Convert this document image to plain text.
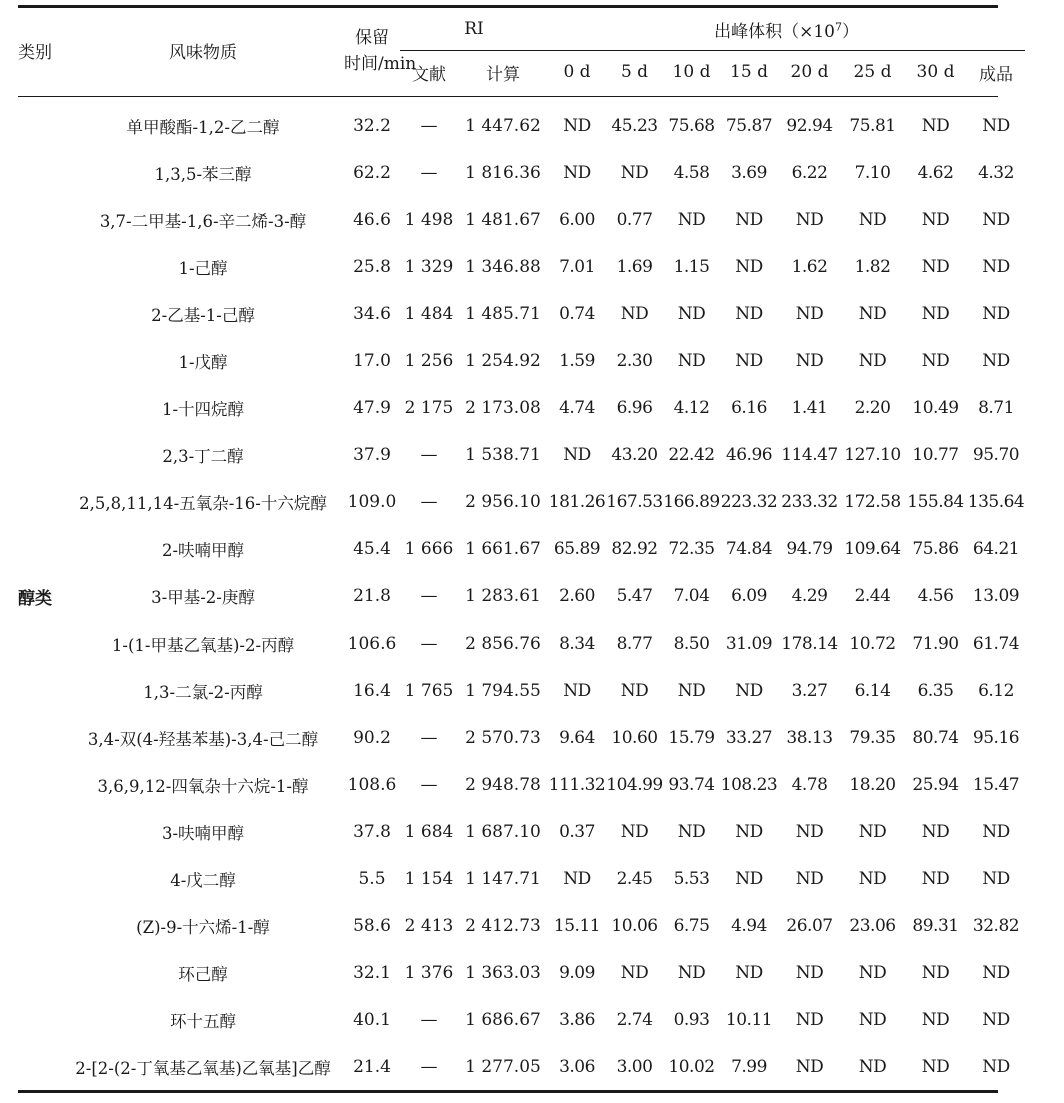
类别	风味物质	保留
时间/min	RI		出峰体积$(\times 10^7)$							
			文献	计算	0 d	5 d	10 d	15 d	20 d	25 d	30 d	成品
醇类	单甲酸酯-1,2-乙二醇	32.2	—	1 447.62	ND	45.23	75.68	75.87	92.94	75.81	ND	ND
	1,3,5-苯三醇	62.2	—	1 816.36	ND	ND	4.58	3.69	6.22	7.10	4.62	4.32
	3,7-二甲基-1,6-辛二烯-3-醇	46.6	1 498	1 481.67	6.00	0.77	ND	ND	ND	ND	ND	ND
	1-己醇	25.8	1 329	1 346.88	7.01	1.69	1.15	ND	1.62	1.82	ND	ND
	2-乙基-1-己醇	34.6	1 484	1 485.71	0.74	ND	ND	ND	ND	ND	ND	ND
	1-戊醇	17.0	1 256	1 254.92	1.59	2.30	ND	ND	ND	ND	ND	ND
	1-十四烷醇	47.9	2 175	2 173.08	4.74	6.96	4.12	6.16	1.41	2.20	10.49	8.71
	2,3-丁二醇	37.9	—	1 538.71	ND	43.20	22.42	46.96	114.47	127.10	10.77	95.70
	2,5,8,11,14-五氧杂-16-十六烷醇	109.0	—	2 956.10	181.26	167.53	166.89	223.32	233.32	172.58	155.84	135.64
	2-呋喃甲醇	45.4	1 666	1 661.67	65.89	82.92	72.35	74.84	94.79	109.64	75.86	64.21
	3-甲基-2-庚醇	21.8	—	1 283.61	2.60	5.47	7.04	6.09	4.29	2.44	4.56	13.09
	1-(1-甲基乙氧基)-2-丙醇	106.6	—	2 856.76	8.34	8.77	8.50	31.09	178.14	10.72	71.90	61.74
	1,3-二氯-2-丙醇	16.4	1 765	1 794.55	ND	ND	ND	ND	3.27	6.14	6.35	6.12
	3,4-双(4-羟基苯基)-3,4-己二醇	90.2	—	2 570.73	9.64	10.60	15.79	33.27	38.13	79.35	80.74	95.16
	3,6,9,12-四氧杂十六烷-1-醇	108.6	—	2 948.78	111.32	104.99	93.74	108.23	4.78	18.20	25.94	15.47
	3-呋喃甲醇	37.8	1 684	1 687.10	0.37	ND	ND	ND	ND	ND	ND	ND
	4-戊二醇	5.5	1 154	1 147.71	ND	2.45	5.53	ND	ND	ND	ND	ND
	(Z)-9-十六烯-1-醇	58.6	2 413	2 412.73	15.11	10.06	6.75	4.94	26.07	23.06	89.31	32.82
	环己醇	32.1	1 376	1 363.03	9.09	ND	ND	ND	ND	ND	ND	ND
	环十五醇	40.1	—	1 686.67	3.86	2.74	0.93	10.11	ND	ND	ND	ND
	2-[2-(2-丁氧基乙氧基)乙氧基]乙醇	21.4	—	1 277.05	3.06	3.00	10.02	7.99	ND	ND	ND	ND
